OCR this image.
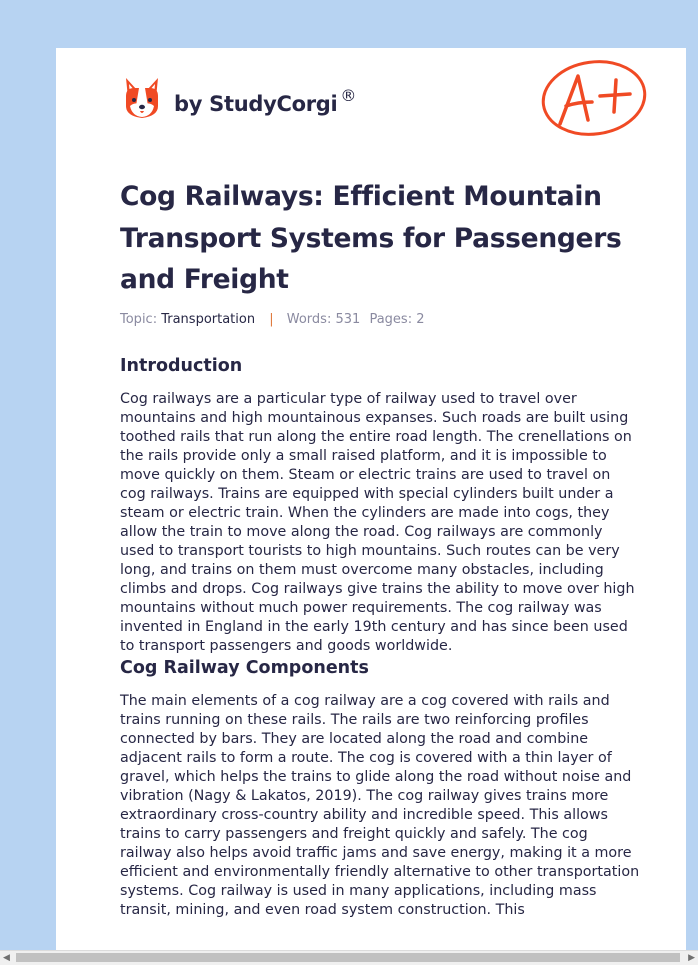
by StudyCorgi ®
Cog Railways: Efficient Mountain Transport Systems for Passengers and Freight
Topic: Transportation | Words: 531 Pages: 2
Introduction

Cog railways are a particular type of railway used to travel over mountains and high mountainous expanses. Such roads are built using toothed rails that run along the entire road length. The crenellations on the rails provide only a small raised platform, and it is impossible to move quickly on them. Steam or electric trains are used to travel on cog railways. Trains are equipped with special cylinders built under a steam or electric train. When the cylinders are made into cogs, they allow the train to move along the road. Cog railways are commonly used to transport tourists to high mountains. Such routes can be very long, and trains on them must overcome many obstacles, including climbs and drops. Cog railways give trains the ability to move over high mountains without much power requirements. The cog railway was invented in England in the early 19th century and has since been used to transport passengers and goods worldwide.

Cog Railway Components

The main elements of a cog railway are a cog covered with rails and trains running on these rails. The rails are two reinforcing profiles connected by bars. They are located along the road and combine adjacent rails to form a route. The cog is covered with a thin layer of gravel, which helps the trains to glide along the road without noise and vibration (Nagy & Lakatos, 2019). The cog railway gives trains more extraordinary cross-country ability and incredible speed. This allows trains to carry passengers and freight quickly and safely. The cog railway also helps avoid traffic jams and save energy, making it a more efficient and environmentally friendly alternative to other transportation systems. Cog railway is used in many applications, including mass transit, mining, and even road system construction. This

◀	▶
